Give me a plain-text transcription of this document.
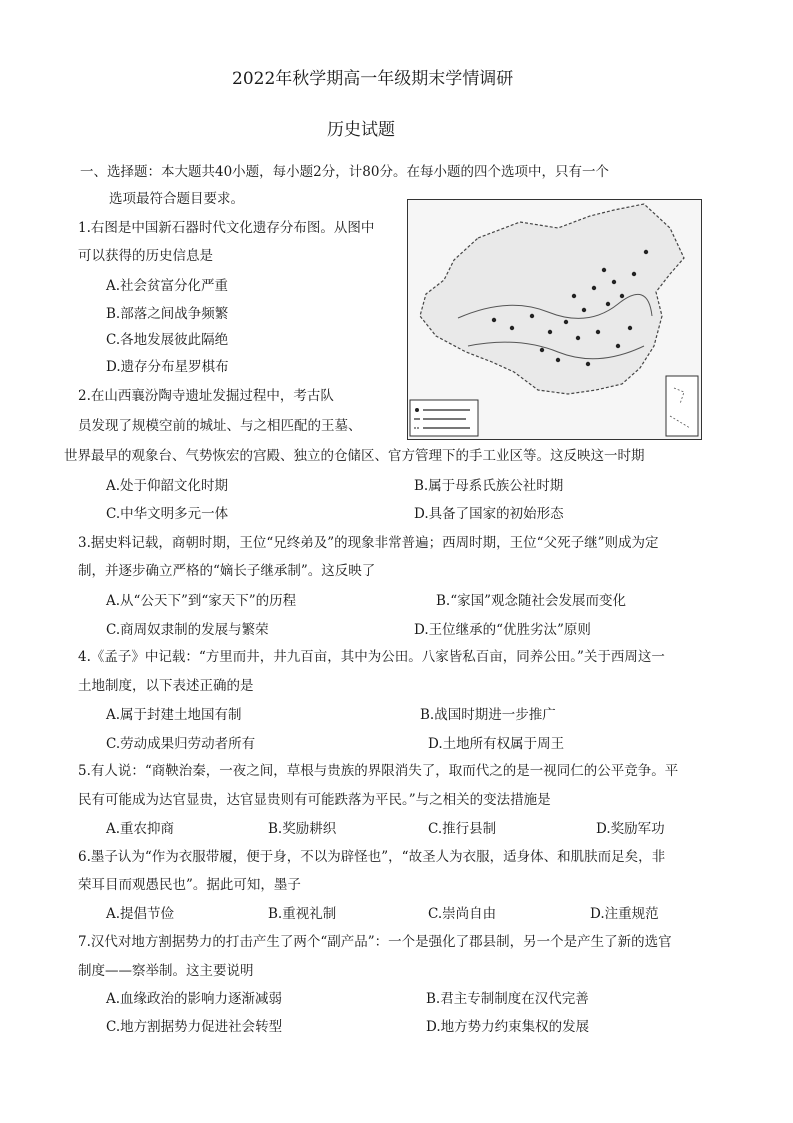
2022年秋学期高一年级期末学情调研
历史试题
一、选择题：本大题共40小题，每小题2分，计80分。在每小题的四个选项中，只有一个
选项最符合题目要求。
1.右图是中国新石器时代文化遗存分布图。从图中
可以获得的历史信息是
A.社会贫富分化严重
B.部落之间战争频繁
C.各地发展彼此隔绝
D.遗存分布星罗棋布
2.在山西襄汾陶寺遗址发掘过程中，考古队
员发现了规模空前的城址、与之相匹配的王墓、
世界最早的观象台、气势恢宏的宫殿、独立的仓储区、官方管理下的手工业区等。这反映这一时期
A.处于仰韶文化时期	B.属于母系氏族公社时期
C.中华文明多元一体	D.具备了国家的初始形态
3.据史料记载，商朝时期，王位“兄终弟及”的现象非常普遍；西周时期，王位“父死子继”则成为定
制，并逐步确立严格的“嫡长子继承制”。这反映了
A.从“公天下”到“家天下”的历程	B.“家国”观念随社会发展而变化
C.商周奴隶制的发展与繁荣	D.王位继承的“优胜劣汰”原则
4.《孟子》中记载：“方里而井，井九百亩，其中为公田。八家皆私百亩，同养公田。”关于西周这一
土地制度，以下表述正确的是
A.属于封建土地国有制	B.战国时期进一步推广
C.劳动成果归劳动者所有	D.土地所有权属于周王
5.有人说：“商鞅治秦，一夜之间，草根与贵族的界限消失了，取而代之的是一视同仁的公平竞争。平
民有可能成为达官显贵，达官显贵则有可能跌落为平民。”与之相关的变法措施是
A.重农抑商	B.奖励耕织	C.推行县制	D.奖励军功
6.墨子认为“作为衣服带履，便于身，不以为辟怪也”，“故圣人为衣服，适身体、和肌肤而足矣，非
荣耳目而观愚民也”。据此可知，墨子
A.提倡节俭	B.重视礼制	C.崇尚自由	D.注重规范
7.汉代对地方割据势力的打击产生了两个“副产品”：一个是强化了郡县制，另一个是产生了新的选官
制度——察举制。这主要说明
A.血缘政治的影响力逐渐减弱	B.君主专制制度在汉代完善
C.地方割据势力促进社会转型	D.地方势力约束集权的发展
